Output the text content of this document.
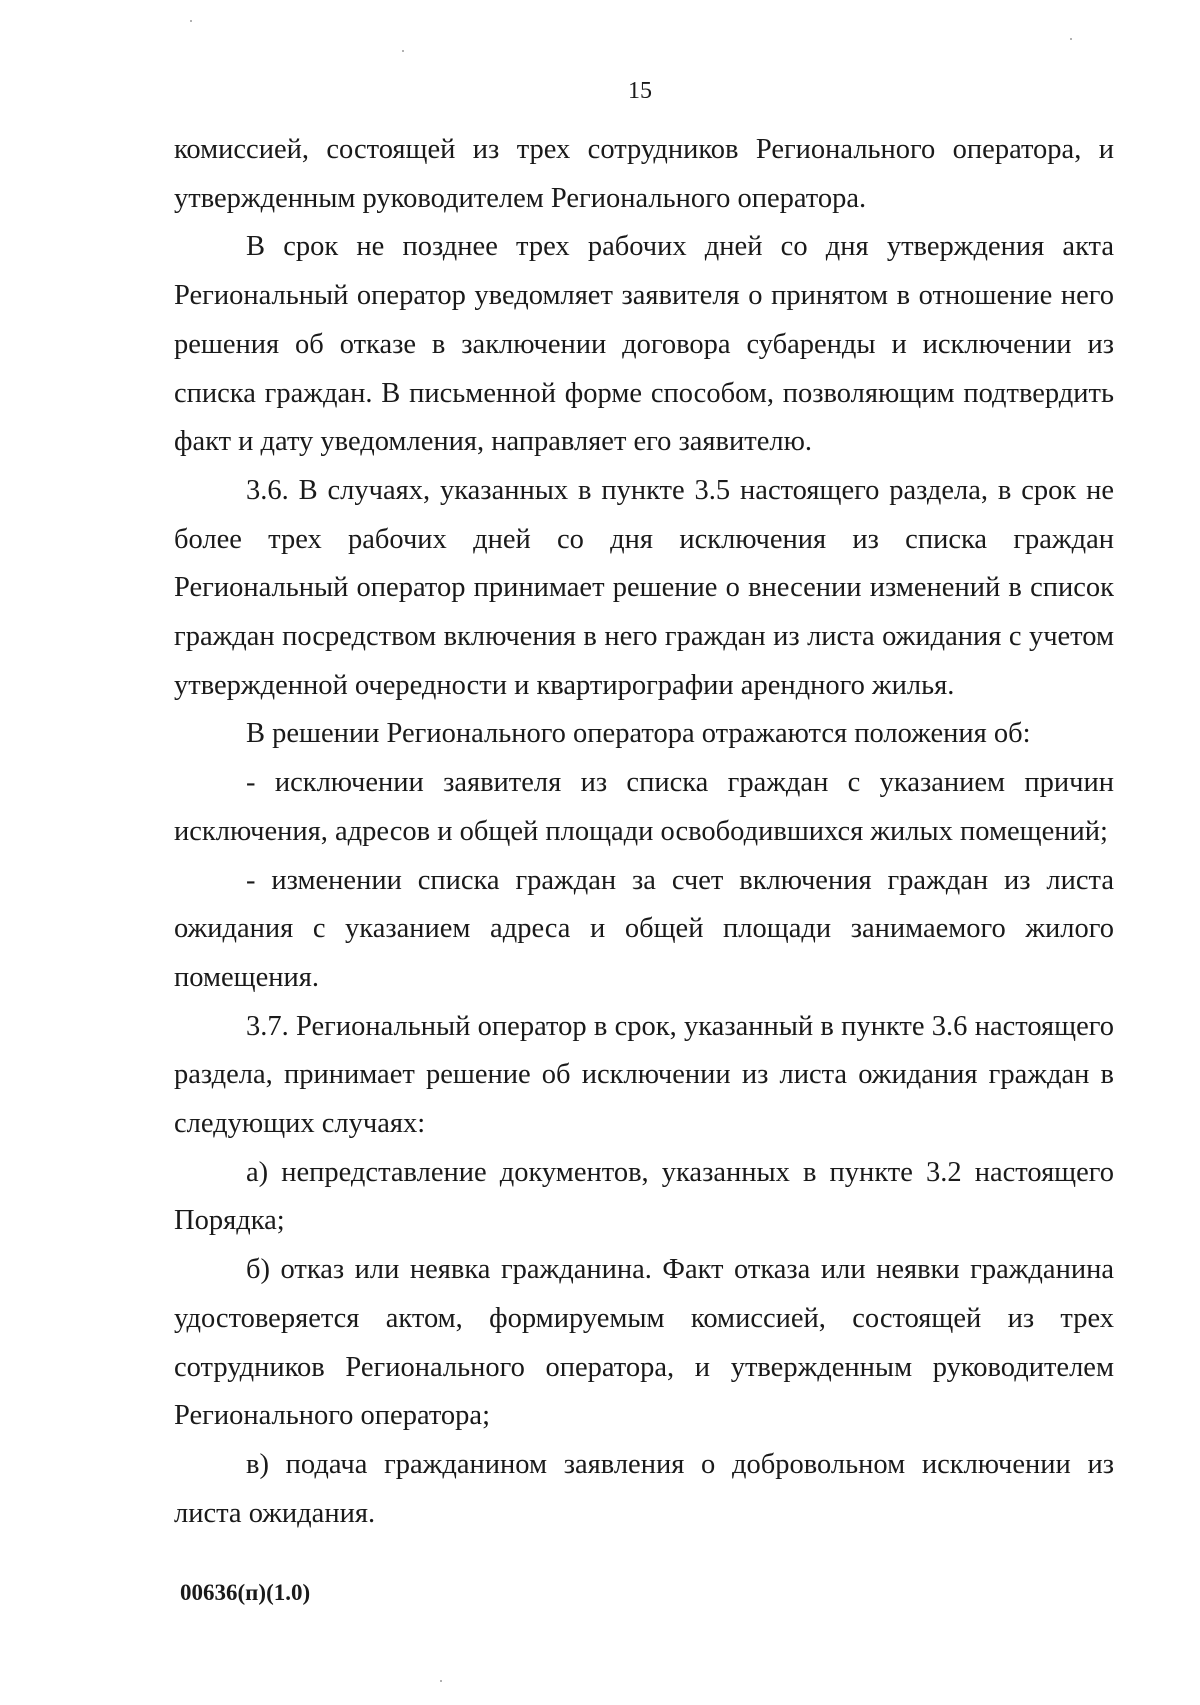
15

комиссией, состоящей из трех сотрудников Регионального оператора, и утвержденным руководителем Регионального оператора.

В срок не позднее трех рабочих дней со дня утверждения акта Региональный оператор уведомляет заявителя о принятом в отношение него решения об отказе в заключении договора субаренды и исключении из списка граждан. В письменной форме способом, позволяющим подтвердить факт и дату уведомления, направляет его заявителю.

3.6. В случаях, указанных в пункте 3.5 настоящего раздела, в срок не более трех рабочих дней со дня исключения из списка граждан Региональный оператор принимает решение о внесении изменений в список граждан посредством включения в него граждан из листа ожидания с учетом утвержденной очередности и квартирографии арендного жилья.

В решении Регионального оператора отражаются положения об:

- исключении заявителя из списка граждан с указанием причин исключения, адресов и общей площади освободившихся жилых помещений;

- изменении списка граждан за счет включения граждан из листа ожидания с указанием адреса и общей площади занимаемого жилого помещения.

3.7. Региональный оператор в срок, указанный в пункте 3.6 настоящего раздела, принимает решение об исключении из листа ожидания граждан в следующих случаях:

а) непредставление документов, указанных в пункте 3.2 настоящего Порядка;

б) отказ или неявка гражданина. Факт отказа или неявки гражданина удостоверяется актом, формируемым комиссией, состоящей из трех сотрудников Регионального оператора, и утвержденным руководителем Регионального оператора;

в) подача гражданином заявления о добровольном исключении из листа ожидания.

00636(п)(1.0)
